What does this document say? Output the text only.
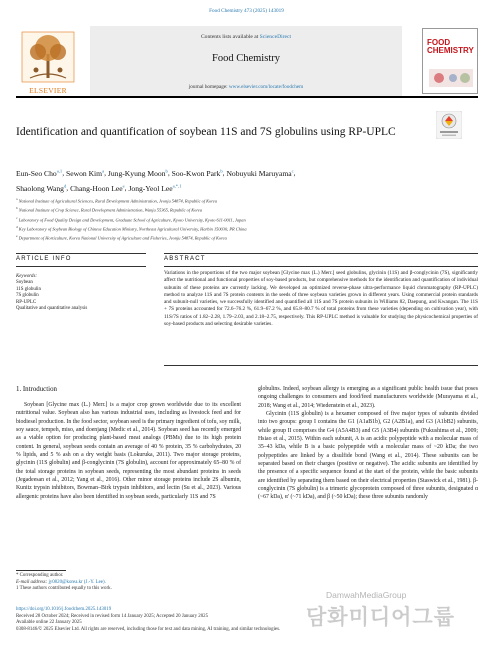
Food Chemistry 473 (2025) 143019
ELSEVIER
Contents lists available at ScienceDirect
Food Chemistry
journal homepage: www.elsevier.com/locate/foodchem
FOOD CHEMISTRY
Identification and quantification of soybean 11S and 7S globulins using RP-UPLC
Eun-Seo Cho$^{a,1}$, Sewon Kim$^a$, Jung-Kyung Moon$^b$, Soo-Kwon Park$^b$, Nobuyuki Maruyama$^c$,
Shaolong Wang$^d$, Chang-Hoon Lee$^e$, Jong-Yeol Lee$^{a,*,1}$
$^a$ National Institute of Agricultural Sciences, Rural Development Administration, Jeonju 54874, Republic of Korea
$^b$ National Institute of Crop Science, Rural Development Administration, Wanju 55365, Republic of Korea
$^c$ Laboratory of Food Quality Design and Development, Graduate School of Agriculture, Kyoto University, Kyoto 611-0011, Japan
$^d$ Key Laboratory of Soybean Biology of Chinese Education Ministry, Northeast Agricultural University, Harbin 150030, PR China
$^e$ Department of Horticulture, Korea National University of Agriculture and Fisheries, Jeonju 54874, Republic of Korea
ARTICLE INFO	ABSTRACT
Keywords:
Soybean
11S globulin
7S globulin
RP-UPLC
Qualitative and quantitative analysis
Variations in the proportions of the two major soybean [Glycine max (L.) Merr.] seed globulins, glycinin (11S) and β-conglycinin (7S), significantly affect the nutritional and functional properties of soy-based products, but comprehensive methods for the identification and quantification of individual subunits of these proteins are currently lacking. We developed an optimized reverse-phase ultra-performance liquid chromatography (RP-UPLC) method to analyze 11S and 7S protein contents in the seeds of three soybean varieties grown in different years. Using commercial protein standards and subunit-null varieties, we successfully identified and quantified all 11S and 7S protein subunits in Williams 82, Daepung, and Kwangan. The 11S + 7S proteins accounted for 72.6–76.2 %, 61.9–67.2 %, and 65.8–80.7 % of total proteins from these varieties (depending on cultivation year), with 11S/7S ratios of 1.82–2.28, 1.79–2.03, and 2.18–2.75, respectively. This RP-UPLC method is valuable for studying the physicochemical properties of soy-based products and selecting desirable varieties.
1. Introduction
Soybean [Glycine max (L.) Merr.] is a major crop grown worldwide due to its excellent nutritional value. Soybean also has various industrial uses, including as livestock feed and for biodiesel production. In the food sector, soybean seed is the primary ingredient of tofu, soy milk, soy sauce, tempeh, miso, and doenjang (Medic et al., 2014). Soybean seed has recently emerged as a viable option for producing plant-based meat analogs (PBMs) due to its high protein content. In general, soybean seeds contain an average of 40 % protein, 35 % carbohydrates, 20 % lipids, and 5 % ash on a dry weight basis (Lokuruka, 2011). Two major storage proteins, glycinin (11S globulin) and β-conglycinin (7S globulin), account for approximately 65–80 % of the total storage proteins in soybean seeds, representing the most abundant proteins in seeds (Jegadeesan et al., 2012; Yang et al., 2016). Other minor storage proteins include 2S albumin, Kunitz trypsin inhibitors, Bowman–Birk trypsin inhibitors, and lectin (Su et al., 2023). Various allergenic proteins have also been identified in soybean seeds, particularly 11S and 7S
globulins. Indeed, soybean allergy is emerging as a significant public health issue that poses ongoing challenges to consumers and food/feed manufacturers worldwide (Murayama et al., 2018; Wang et al., 2014; Wiedenstein et al., 2023).
Glycinin (11S globulin) is a hexamer composed of five major types of subunits divided into two groups: group I contains the G1 (A1aB1b), G2 (A2B1a), and G3 (A1bB2) subunits, while group II comprises the G4 (A5A4B3) and G5 (A3B4) subunits (Fukushima et al., 2009; Hsiao et al., 2015). Within each subunit, A is an acidic polypeptide with a molecular mass of 35–43 kDa, while B is a basic polypeptide with a molecular mass of ~20 kDa; the two polypeptides are linked by a disulfide bond (Wang et al., 2014). These subunits can be separated based on their charges (positive or negative). The acidic subunits are identified by the presence of a specific sequence found at the start of the protein, while the basic subunits are identified by separating them based on their electrical properties (Staswick et al., 1981). β-conglycinin (7S globulin) is a trimeric glycoprotein composed of three subunits, designated α (~67 kDa), α′ (~71 kDa), and β (~50 kDa); these three subunits randomly
* Corresponding author.
E-mail address: jy0820@korea.kr (J.-Y. Lee).
1 These authors contributed equally to this work.
https://doi.org/10.1016/j.foodchem.2025.143019
Received 28 October 2024; Received in revised form 14 January 2025; Accepted 20 January 2025
Available online 22 January 2025
0308-8146/© 2025 Elsevier Ltd. All rights are reserved, including those for text and data mining, AI training, and similar technologies.
DamwahMediaGroup
담화미디어그룹
